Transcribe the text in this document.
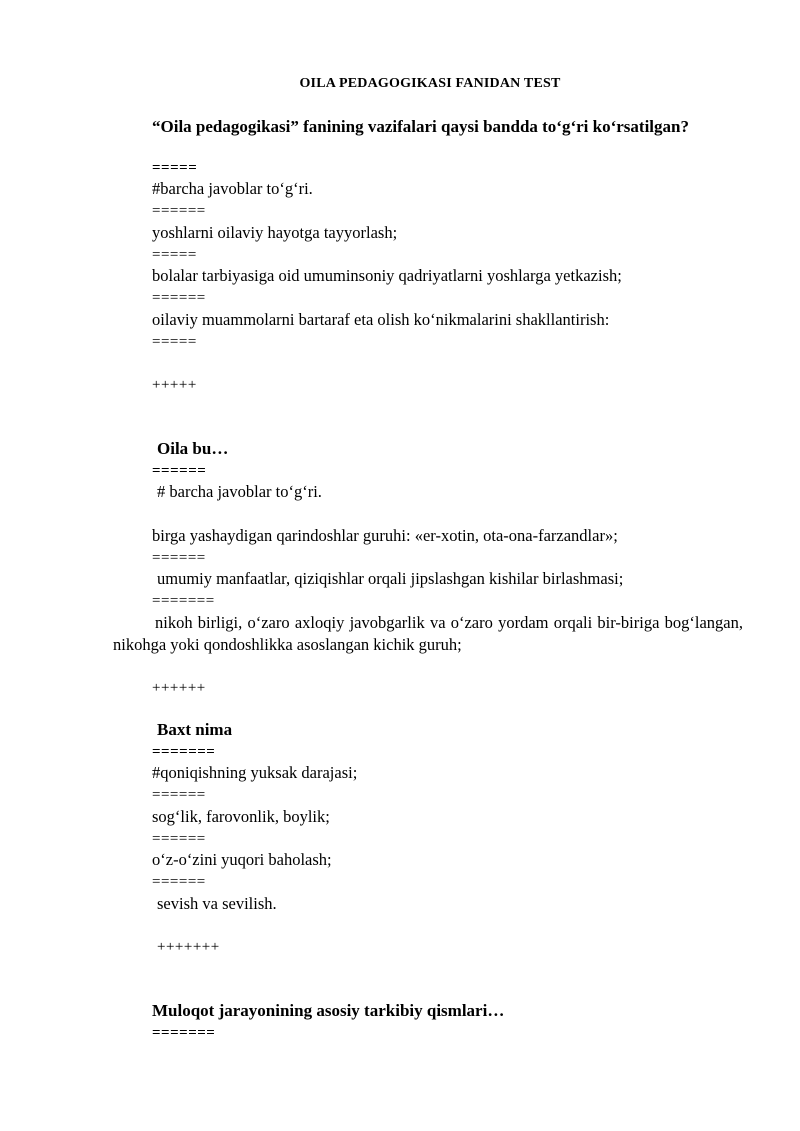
OILA PEDAGOGIKASI FANIDAN TEST
“Oila pedagogikasi” fanining vazifalari qaysi bandda to‘g‘ri ko‘rsatilgan?
=====
#barcha javoblar to‘g‘ri.
======
yoshlarni oilaviy hayotga tayyorlash;
=====
bolalar tarbiyasiga oid umuminsoniy qadriyatlarni yoshlarga yetkazish;
======
oilaviy muammolarni bartaraf eta olish ko‘nikmalarini shakllantirish:
=====
+++++
Oila bu…
======
# barcha javoblar to‘g‘ri.
birga yashaydigan qarindoshlar guruhi: «er-xotin, ota-ona-farzandlar»;
======
umumiy manfaatlar, qiziqishlar orqali jipslashgan kishilar birlashmasi;
=======
nikoh birligi, o‘zaro axloqiy javobgarlik va o‘zaro yordam orqali bir-biriga bog‘langan, nikohga yoki qondoshlikka asoslangan kichik guruh;
++++++
Baxt nima
=======
#qoniqishning yuksak darajasi;
======
sog‘lik, farovonlik, boylik;
======
o‘z-o‘zini yuqori baholash;
======
sevish va sevilish.
+++++++
Muloqot jarayonining asosiy tarkibiy qismlari…
=======
